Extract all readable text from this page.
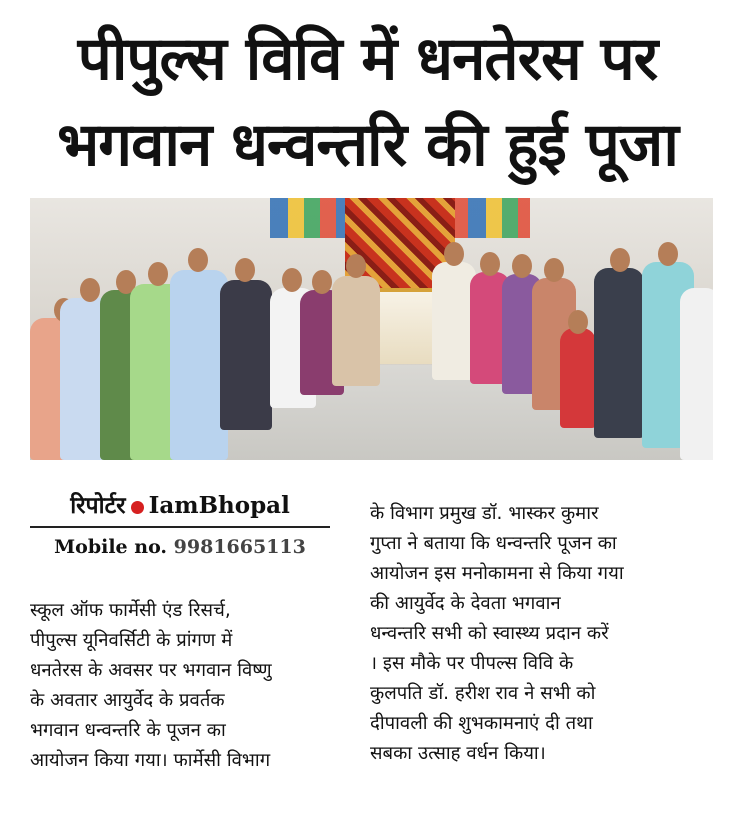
पीपुल्स विवि में धनतेरस पर
भगवान धन्वन्तरि की हुई पूजा
रिपोर्टर IamBhopal
Mobile no. 9981665113

स्कूल ऑफ फार्मेसी एंड रिसर्च,

पीपुल्स यूनिवर्सिटी के प्रांगण में

धनतेरस के अवसर पर भगवान विष्णु

के अवतार आयुर्वेद के प्रवर्तक

भगवान धन्वन्तरि के पूजन का

आयोजन किया गया। फार्मेसी विभाग

के विभाग प्रमुख डॉ. भास्कर कुमार

गुप्ता ने बताया कि धन्वन्तरि पूजन का

आयोजन इस मनोकामना से किया गया

की आयुर्वेद के देवता भगवान

धन्वन्तरि सभी को स्वास्थ्य प्रदान करें

। इस मौके पर पीपल्स विवि के

कुलपति डॉ. हरीश राव ने सभी को

दीपावली की शुभकामनाएं दी तथा

सबका उत्साह वर्धन किया।
